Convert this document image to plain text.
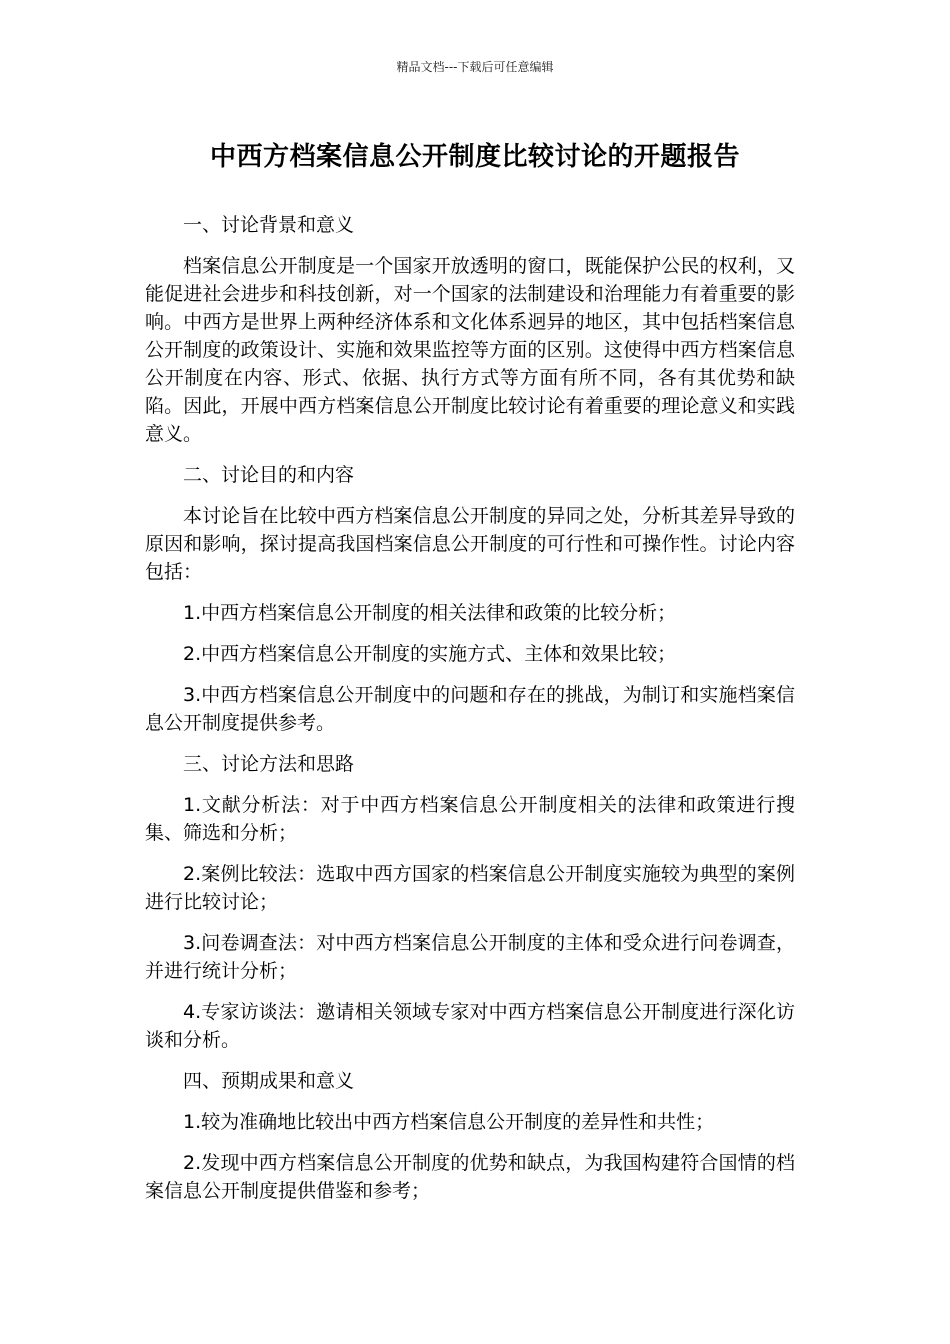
精品文档---下载后可任意编辑
中西方档案信息公开制度比较讨论的开题报告

一、讨论背景和意义

档案信息公开制度是一个国家开放透明的窗口，既能保护公民的权利，又能促进社会进步和科技创新，对一个国家的法制建设和治理能力有着重要的影响。中西方是世界上两种经济体系和文化体系迥异的地区，其中包括档案信息公开制度的政策设计、实施和效果监控等方面的区别。这使得中西方档案信息公开制度在内容、形式、依据、执行方式等方面有所不同，各有其优势和缺陷。因此，开展中西方档案信息公开制度比较讨论有着重要的理论意义和实践意义。

二、讨论目的和内容

本讨论旨在比较中西方档案信息公开制度的异同之处，分析其差异导致的原因和影响，探讨提高我国档案信息公开制度的可行性和可操作性。讨论内容包括：

1.中西方档案信息公开制度的相关法律和政策的比较分析；

2.中西方档案信息公开制度的实施方式、主体和效果比较；

3.中西方档案信息公开制度中的问题和存在的挑战，为制订和实施档案信息公开制度提供参考。

三、讨论方法和思路

1.文献分析法：对于中西方档案信息公开制度相关的法律和政策进行搜集、筛选和分析；

2.案例比较法：选取中西方国家的档案信息公开制度实施较为典型的案例进行比较讨论；

3.问卷调查法：对中西方档案信息公开制度的主体和受众进行问卷调查，并进行统计分析；

4.专家访谈法：邀请相关领域专家对中西方档案信息公开制度进行深化访谈和分析。

四、预期成果和意义

1.较为准确地比较出中西方档案信息公开制度的差异性和共性；

2.发现中西方档案信息公开制度的优势和缺点，为我国构建符合国情的档案信息公开制度提供借鉴和参考；
